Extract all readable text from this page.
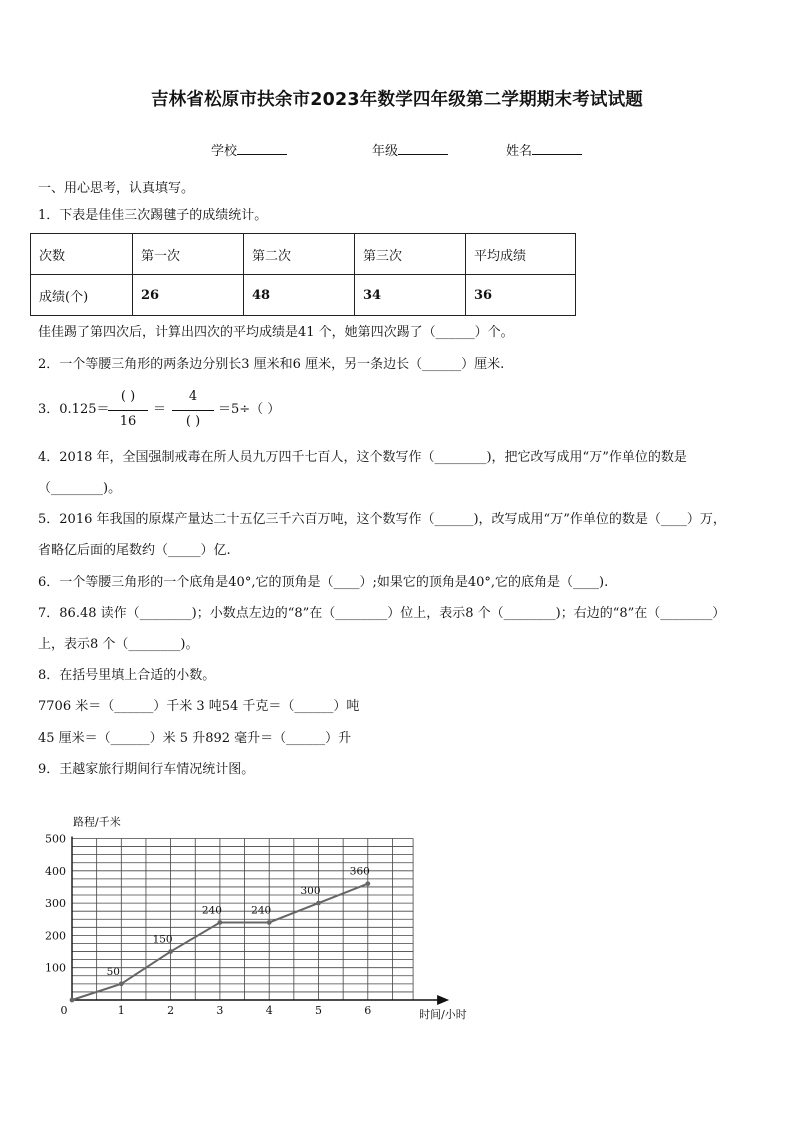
吉林省松原市扶余市2023年数学四年级第二学期期末考试试题
学校	年级	姓名
一、用心思考，认真填写。
1．下表是佳佳三次踢毽子的成绩统计。
次数	第一次	第二次	第三次	平均成绩
成绩(个)	26	48	34	36
佳佳踢了第四次后，计算出四次的平均成绩是41 个，她第四次踢了（______）个。
2．一个等腰三角形的两条边分别长3 厘米和6 厘米，另一条边长（______）厘米.
3．0.125＝
( )
16
＝
4
( )
＝5÷（ ）
4．2018 年，全国强制戒毒在所人员九万四千七百人，这个数写作（________)，把它改写成用“万”作单位的数是
（________)。
5．2016 年我国的原煤产量达二十五亿三千六百万吨，这个数写作（______)，改写成用“万”作单位的数是（____）万，
省略亿后面的尾数约（_____）亿.
6．一个等腰三角形的一个底角是40°,它的顶角是（____）;如果它的顶角是40°,它的底角是（____).
7．86.48 读作（________)；小数点左边的“8”在（________）位上，表示8 个（________)；右边的“8”在（________）
上，表示8 个（________)。
8．在括号里填上合适的小数。
7706 米＝（______）千米 3 吨54 千克＝（______）吨
45 厘米＝（______）米 5 升892 毫升＝（______）升
9．王越家旅行期间行车情况统计图。
路程/千米
时间/小时
100
200
300
400
500
0	1	2	3	4	5	6
50
150
240	240
300
360
